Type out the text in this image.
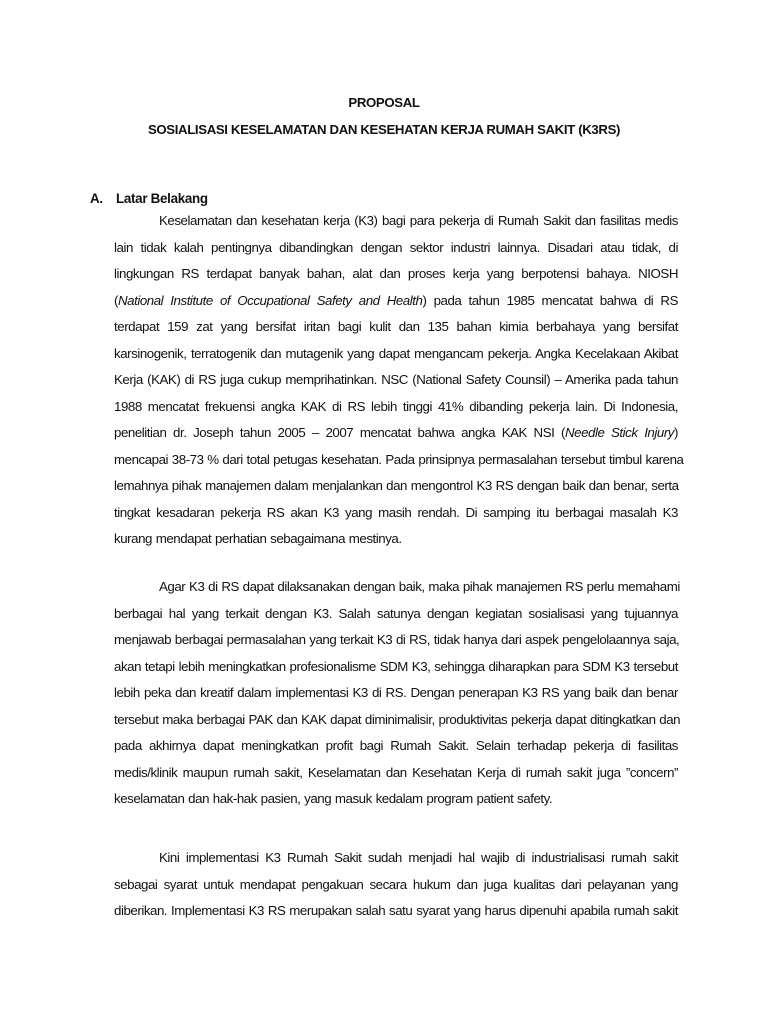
PROPOSAL
SOSIALISASI KESELAMATAN DAN KESEHATAN KERJA RUMAH SAKIT (K3RS)
A. Latar Belakang
Keselamatan dan kesehatan kerja (K3) bagi para pekerja di Rumah Sakit dan fasilitas medis
lain tidak kalah pentingnya dibandingkan dengan sektor industri lainnya. Disadari atau tidak, di
lingkungan RS terdapat banyak bahan, alat dan proses kerja yang berpotensi bahaya. NIOSH
(National Institute of Occupational Safety and Health) pada tahun 1985 mencatat bahwa di RS
terdapat 159 zat yang bersifat iritan bagi kulit dan 135 bahan kimia berbahaya yang bersifat
karsinogenik, terratogenik dan mutagenik yang dapat mengancam pekerja. Angka Kecelakaan Akibat
Kerja (KAK) di RS juga cukup memprihatinkan. NSC (National Safety Counsil) – Amerika pada tahun
1988 mencatat frekuensi angka KAK di RS lebih tinggi 41% dibanding pekerja lain. Di Indonesia,
penelitian dr. Joseph tahun 2005 – 2007 mencatat bahwa angka KAK NSI (Needle Stick Injury)
mencapai 38-73 % dari total petugas kesehatan. Pada prinsipnya permasalahan tersebut timbul karena
lemahnya pihak manajemen dalam menjalankan dan mengontrol K3 RS dengan baik dan benar, serta
tingkat kesadaran pekerja RS akan K3 yang masih rendah. Di samping itu berbagai masalah K3
kurang mendapat perhatian sebagaimana mestinya.
Agar K3 di RS dapat dilaksanakan dengan baik, maka pihak manajemen RS perlu memahami
berbagai hal yang terkait dengan K3. Salah satunya dengan kegiatan sosialisasi yang tujuannya
menjawab berbagai permasalahan yang terkait K3 di RS, tidak hanya dari aspek pengelolaannya saja,
akan tetapi lebih meningkatkan profesionalisme SDM K3, sehingga diharapkan para SDM K3 tersebut
lebih peka dan kreatif dalam implementasi K3 di RS. Dengan penerapan K3 RS yang baik dan benar
tersebut maka berbagai PAK dan KAK dapat diminimalisir, produktivitas pekerja dapat ditingkatkan dan
pada akhirnya dapat meningkatkan profit bagi Rumah Sakit. Selain terhadap pekerja di fasilitas
medis/klinik maupun rumah sakit, Keselamatan dan Kesehatan Kerja di rumah sakit juga ”concern”
keselamatan dan hak-hak pasien, yang masuk kedalam program patient safety.
Kini implementasi K3 Rumah Sakit sudah menjadi hal wajib di industrialisasi rumah sakit
sebagai syarat untuk mendapat pengakuan secara hukum dan juga kualitas dari pelayanan yang
diberikan. Implementasi K3 RS merupakan salah satu syarat yang harus dipenuhi apabila rumah sakit
